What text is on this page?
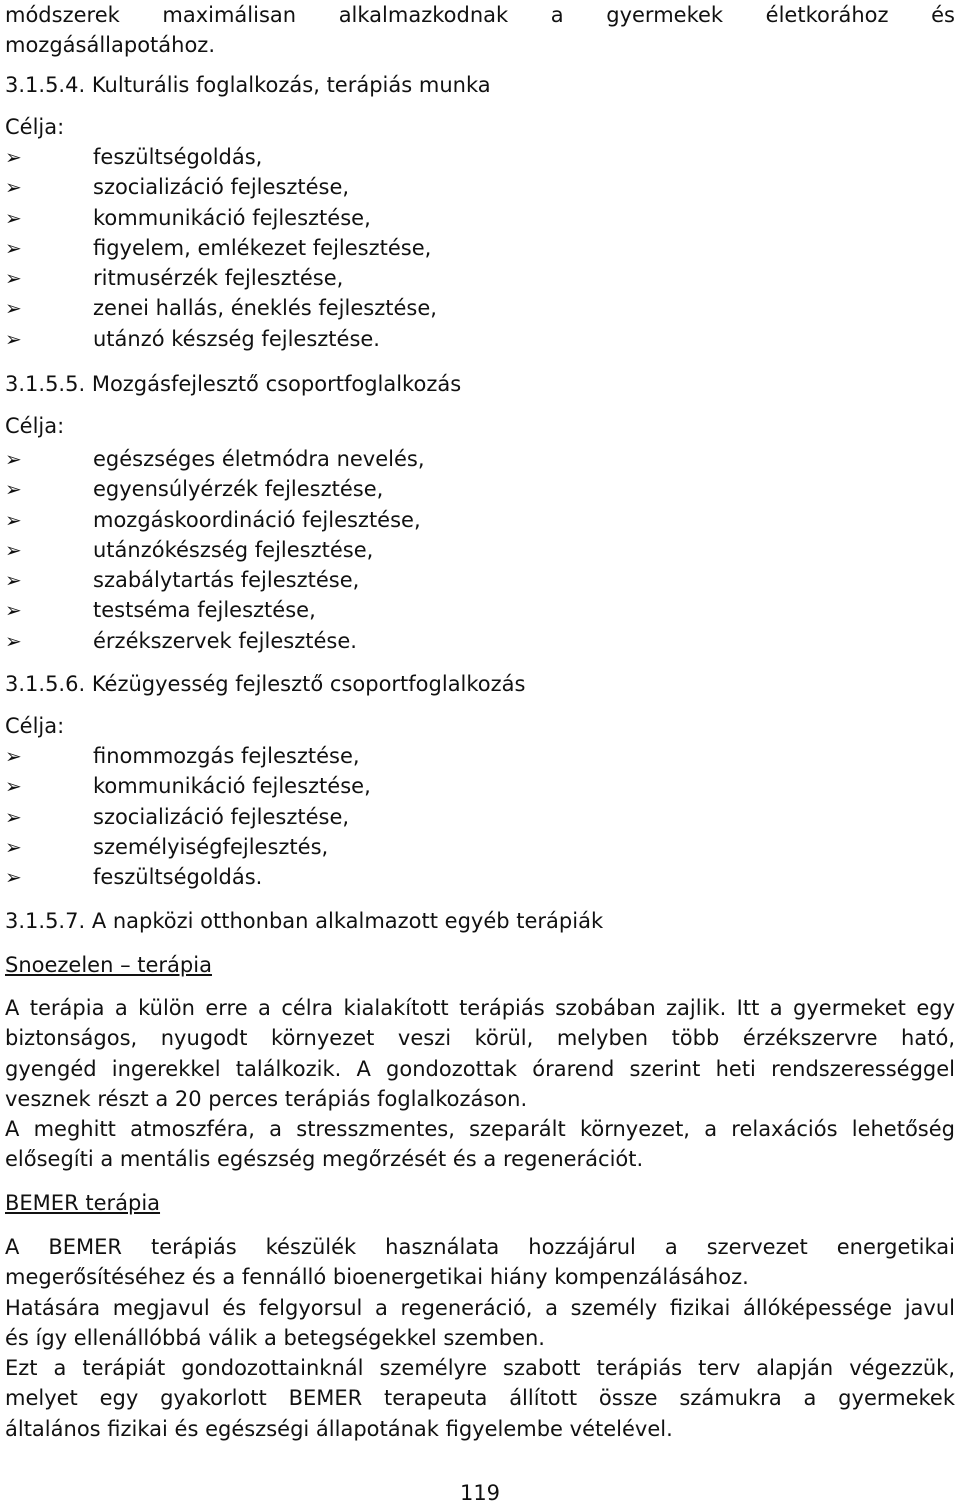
módszerek maximálisan alkalmazkodnak a gyermekek életkorához és
mozgásállapotához.
3.1.5.4. Kulturális foglalkozás, terápiás munka
Célja:
➢	feszültségoldás,
➢	szocializáció fejlesztése,
➢	kommunikáció fejlesztése,
➢	figyelem, emlékezet fejlesztése,
➢	ritmusérzék fejlesztése,
➢	zenei hallás, éneklés fejlesztése,
➢	utánzó készség fejlesztése.
3.1.5.5. Mozgásfejlesztő csoportfoglalkozás
Célja:
➢	egészséges életmódra nevelés,
➢	egyensúlyérzék fejlesztése,
➢	mozgáskoordináció fejlesztése,
➢	utánzókészség fejlesztése,
➢	szabálytartás fejlesztése,
➢	testséma fejlesztése,
➢	érzékszervek fejlesztése.
3.1.5.6. Kézügyesség fejlesztő csoportfoglalkozás
Célja:
➢	finommozgás fejlesztése,
➢	kommunikáció fejlesztése,
➢	szocializáció fejlesztése,
➢	személyiségfejlesztés,
➢	feszültségoldás.
3.1.5.7. A napközi otthonban alkalmazott egyéb terápiák
Snoezelen – terápia
A terápia a külön erre a célra kialakított terápiás szobában zajlik. Itt a gyermeket egy
biztonságos, nyugodt környezet veszi körül, melyben több érzékszervre ható,
gyengéd ingerekkel találkozik. A gondozottak órarend szerint heti rendszerességgel
vesznek részt a 20 perces terápiás foglalkozáson.
A meghitt atmoszféra, a stresszmentes, szeparált környezet, a relaxációs lehetőség
elősegíti a mentális egészség megőrzését és a regenerációt.
BEMER terápia
A BEMER terápiás készülék használata hozzájárul a szervezet energetikai
megerősítéséhez és a fennálló bioenergetikai hiány kompenzálásához.
Hatására megjavul és felgyorsul a regeneráció, a személy fizikai állóképessége javul
és így ellenállóbbá válik a betegségekkel szemben.
Ezt a terápiát gondozottainknál személyre szabott terápiás terv alapján végezzük,
melyet egy gyakorlott BEMER terapeuta állított össze számukra a gyermekek
általános fizikai és egészségi állapotának figyelembe vételével.
119
